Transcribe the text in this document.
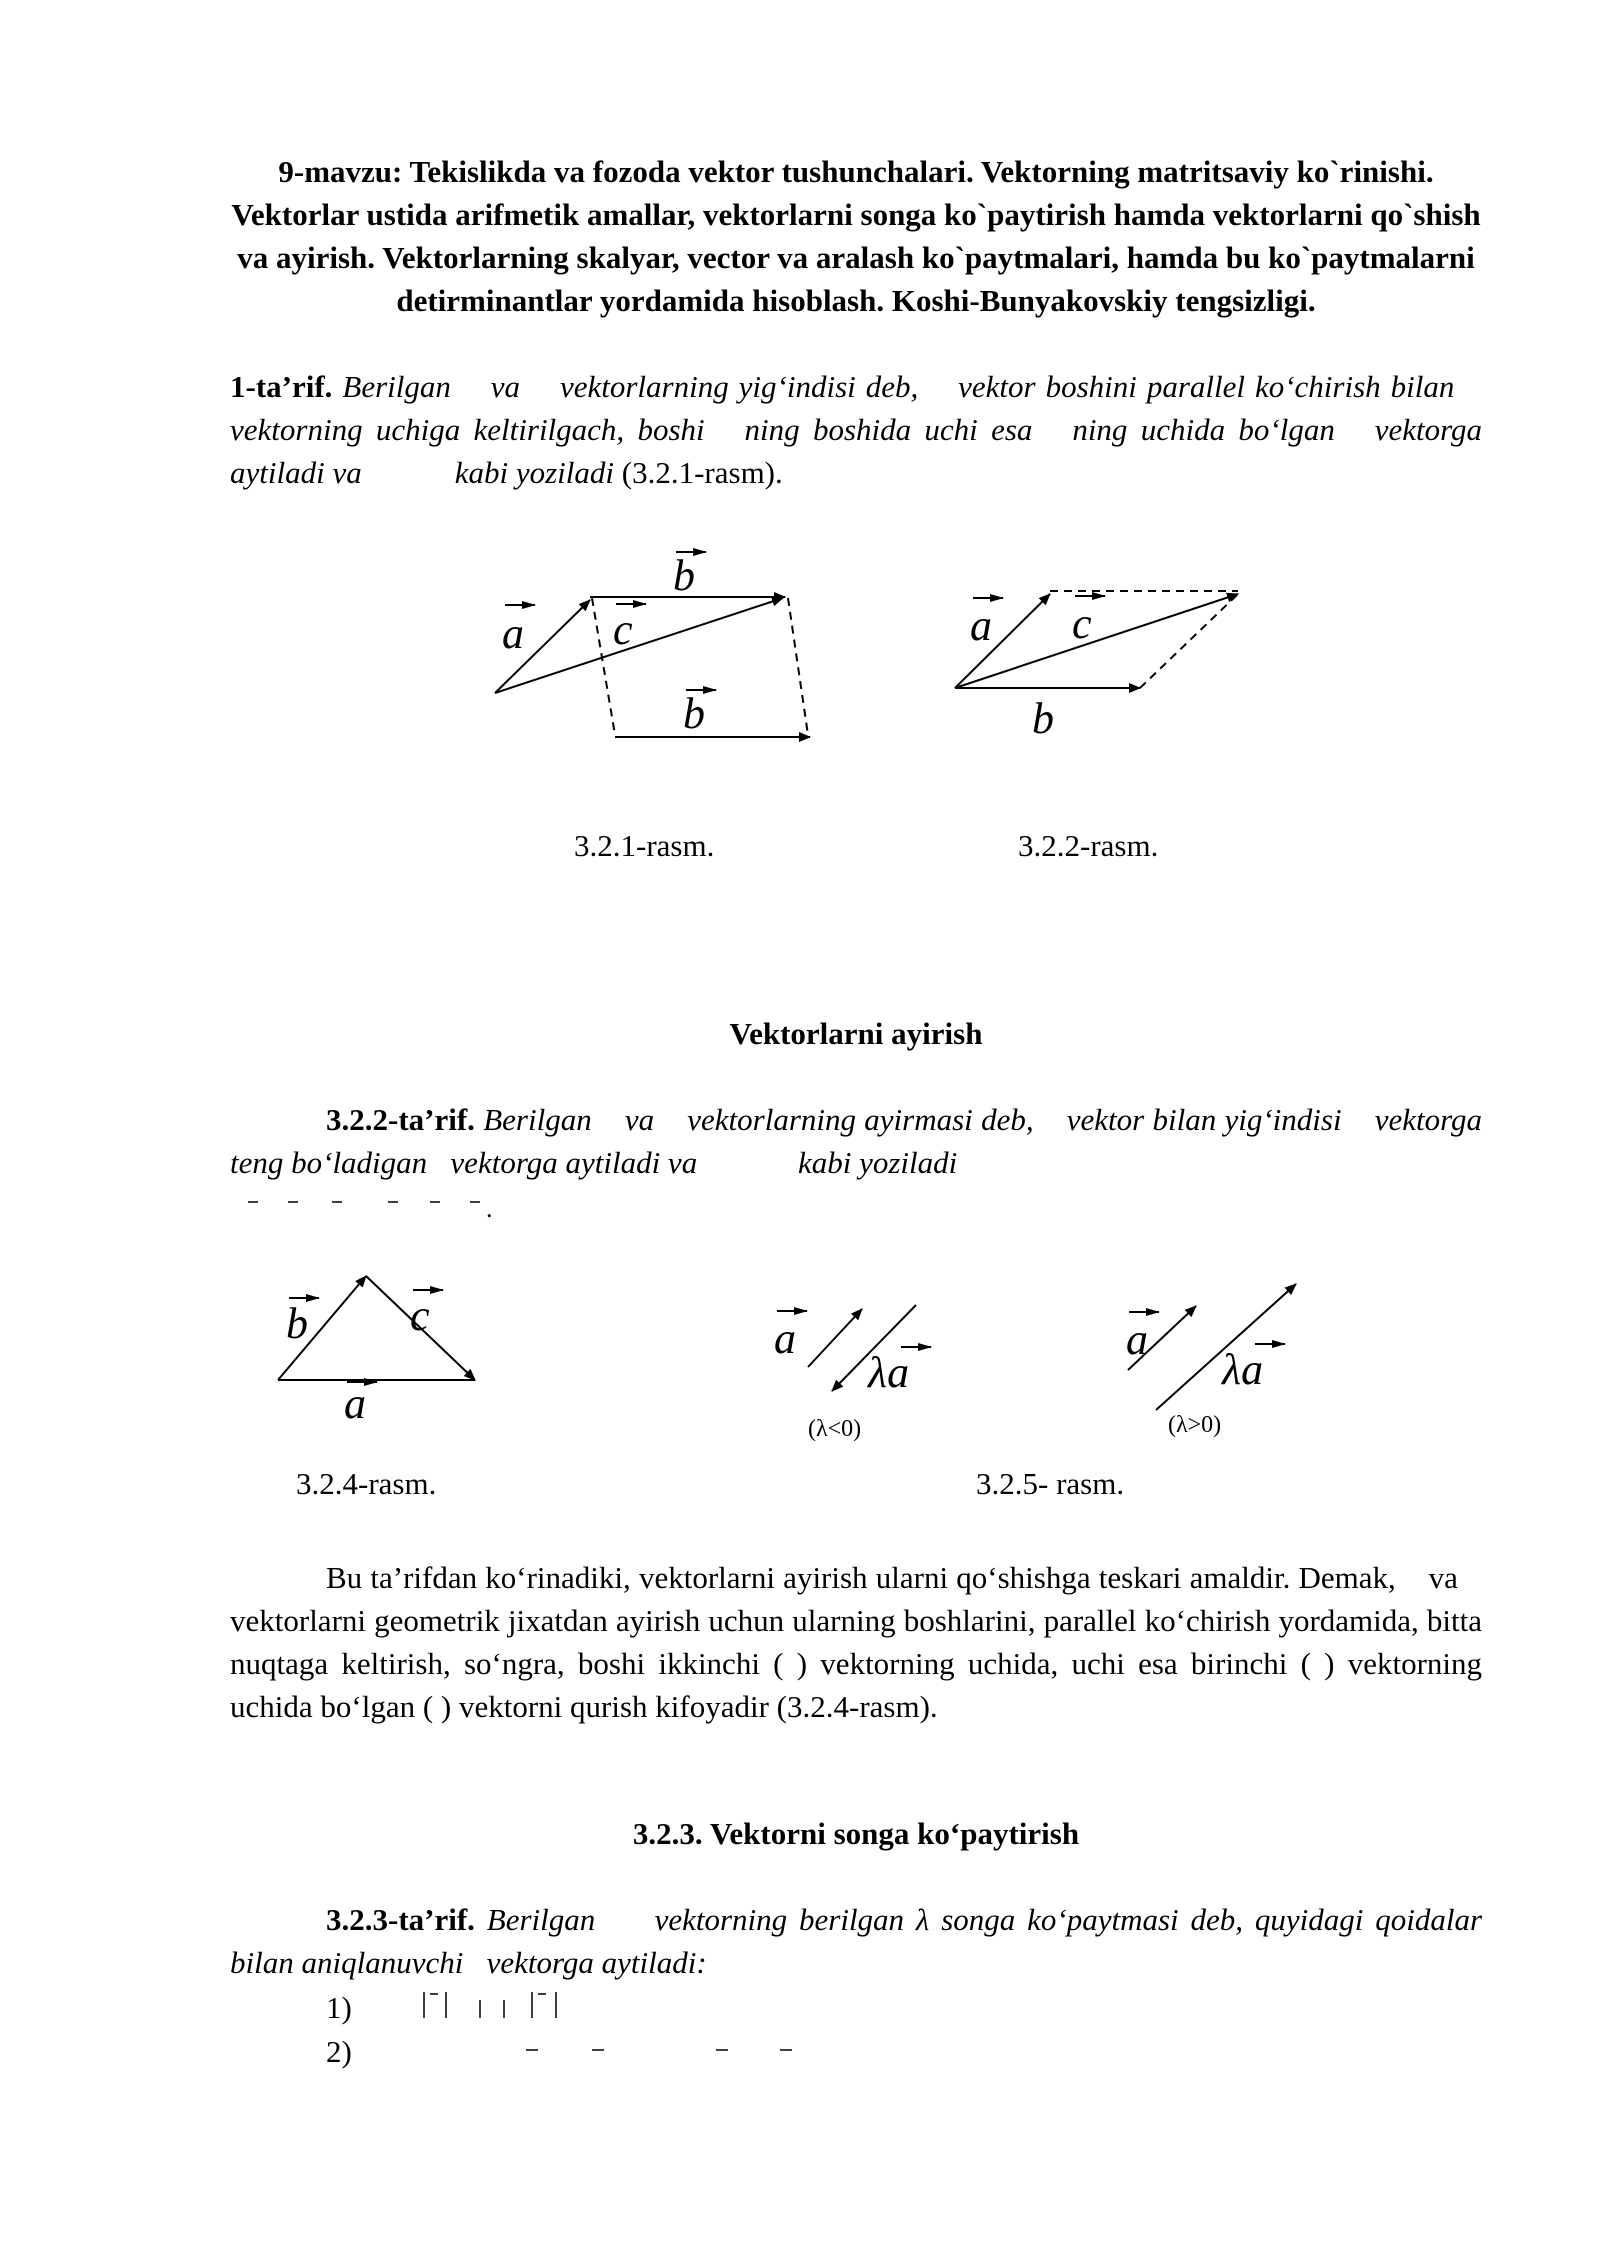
9-mavzu: Tekislikda va fozoda vektor tushunchalari. Vektorning matritsaviy ko`rinishi. Vektorlar ustida arifmetik amallar, vektorlarni songa ko`paytirish hamda vektorlarni qo`shish va ayirish. Vektorlarning skalyar, vector va aralash ko`paytmalari, hamda bu ko`paytmalarni detirminantlar yordamida hisoblash. Koshi-Bunyakovskiy tengsizligi.

1-ta’rif. Berilgan va vektorlarning yig‘indisi deb, vektor boshini parallel ko‘chirish bilan    vektorning uchiga keltirilgach, boshi ning boshida uchi esa ning uchida bo‘lgan vektorga aytiladi va	kabi yoziladi (3.2.1-rasm).

a
b
c
b
a c
b

3.2.1-rasm.	3.2.2-rasm.

Vektorlarni ayirish

3.2.2-ta’rif. Berilgan va vektorlarning ayirmasi deb, vektor bilan yig‘indisi vektorga teng bo‘ladigan vektorga aytiladi va	kabi yoziladi

.
b c
a
a
λa

(λ<0)

a
λa

(λ>0)

3.2.4-rasm.	3.2.5- rasm.

Bu ta’rifdan ko‘rinadiki, vektorlarni ayirish ularni qo‘shishga teskari amaldir. Demak, va    vektorlarni geometrik jixatdan ayirish uchun ularning boshlarini, parallel ko‘chirish yordamida, bitta nuqtaga keltirish, so‘ngra, boshi ikkinchi ( ) vektorning uchida, uchi esa birinchi ( ) vektorning uchida bo‘lgan ( ) vektorni qurish kifoyadir (3.2.4-rasm).

3.2.3. Vektorni songa ko‘paytirish

3.2.3-ta’rif. Berilgan vektorning berilgan λ songa ko‘paytmasi deb, quyidagi qoidalar bilan aniqlanuvchi vektorga aytiladi:

1)

2)
